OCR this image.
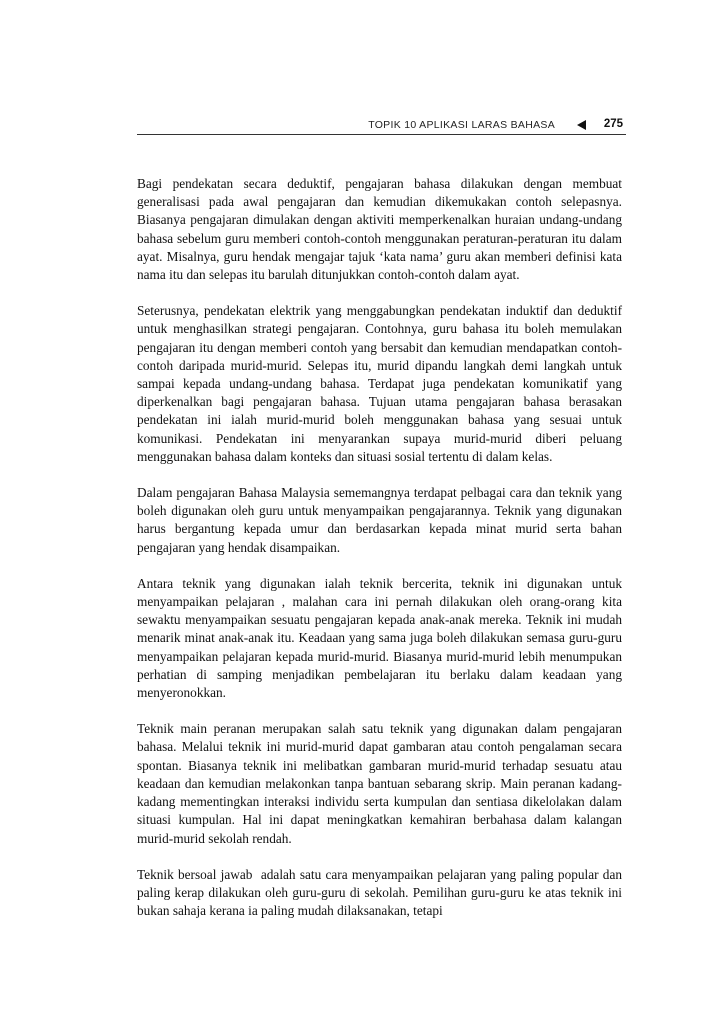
TOPIK 10 APLIKASI LARAS BAHASA	275

Bagi pendekatan secara deduktif, pengajaran bahasa dilakukan dengan membuat generalisasi pada awal pengajaran dan kemudian dikemukakan contoh selepasnya. Biasanya pengajaran dimulakan dengan aktiviti memperkenalkan huraian undang-undang bahasa sebelum guru memberi contoh-contoh menggunakan peraturan-peraturan itu dalam ayat. Misalnya, guru hendak mengajar tajuk ‘kata nama’ guru akan memberi definisi kata nama itu dan selepas itu barulah ditunjukkan contoh-contoh dalam ayat.

Seterusnya, pendekatan elektrik yang menggabungkan pendekatan induktif dan deduktif untuk menghasilkan strategi pengajaran. Contohnya, guru bahasa itu boleh memulakan pengajaran itu dengan memberi contoh yang bersabit dan kemudian mendapatkan contoh-contoh daripada murid-murid. Selepas itu, murid dipandu langkah demi langkah untuk sampai kepada undang-undang bahasa. Terdapat juga pendekatan komunikatif yang diperkenalkan bagi pengajaran bahasa. Tujuan utama pengajaran bahasa berasakan pendekatan ini ialah murid-murid boleh menggunakan bahasa yang sesuai untuk komunikasi. Pendekatan ini menyarankan supaya murid-murid diberi peluang menggunakan bahasa dalam konteks dan situasi sosial tertentu di dalam kelas.

Dalam pengajaran Bahasa Malaysia sememangnya terdapat pelbagai cara dan teknik yang boleh digunakan oleh guru untuk menyampaikan pengajarannya. Teknik yang digunakan harus bergantung kepada umur dan berdasarkan kepada minat murid serta bahan pengajaran yang hendak disampaikan.

Antara teknik yang digunakan ialah teknik bercerita, teknik ini digunakan untuk menyampaikan pelajaran , malahan cara ini pernah dilakukan oleh orang-orang kita sewaktu menyampaikan sesuatu pengajaran kepada anak-anak mereka. Teknik ini mudah menarik minat anak-anak itu. Keadaan yang sama juga boleh dilakukan semasa guru-guru menyampaikan pelajaran kepada murid-murid. Biasanya murid-murid lebih menumpukan perhatian di samping menjadikan pembelajaran itu berlaku dalam keadaan yang menyeronokkan.

Teknik main peranan merupakan salah satu teknik yang digunakan dalam pengajaran bahasa. Melalui teknik ini murid-murid dapat gambaran atau contoh pengalaman secara spontan. Biasanya teknik ini melibatkan gambaran murid-murid terhadap sesuatu atau keadaan dan kemudian melakonkan tanpa bantuan sebarang skrip. Main peranan kadang-kadang mementingkan interaksi individu serta kumpulan dan sentiasa dikelolakan dalam situasi kumpulan. Hal ini dapat meningkatkan kemahiran berbahasa dalam kalangan murid-murid sekolah rendah.

Teknik bersoal jawab  adalah satu cara menyampaikan pelajaran yang paling popular dan paling kerap dilakukan oleh guru-guru di sekolah. Pemilihan guru-guru ke atas teknik ini bukan sahaja kerana ia paling mudah dilaksanakan, tetapi
